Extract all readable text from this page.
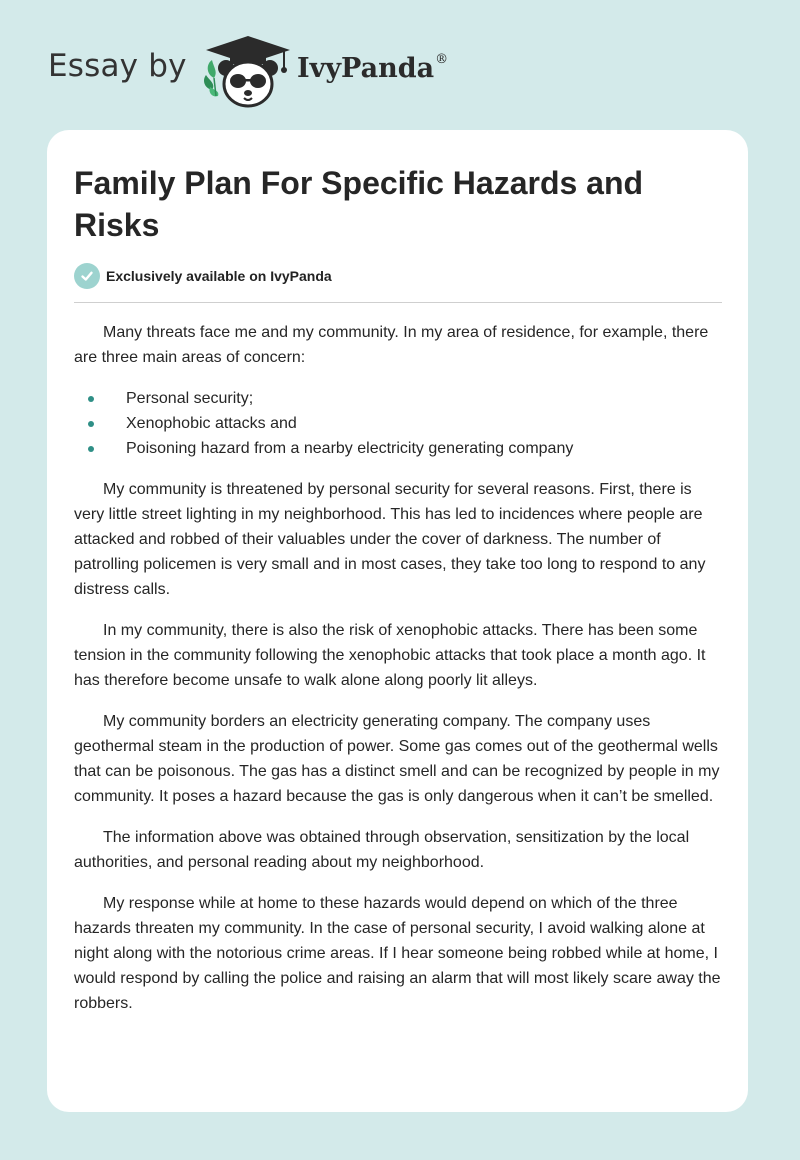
Essay by	IvyPanda®
Family Plan For Specific Hazards and Risks
Exclusively available on IvyPanda

Many threats face me and my community. In my area of residence, for example, there are three main areas of concern:

Personal security;
Xenophobic attacks and
Poisoning hazard from a nearby electricity generating company

My community is threatened by personal security for several reasons. First, there is very little street lighting in my neighborhood. This has led to incidences where people are attacked and robbed of their valuables under the cover of darkness. The number of patrolling policemen is very small and in most cases, they take too long to respond to any distress calls.

In my community, there is also the risk of xenophobic attacks. There has been some tension in the community following the xenophobic attacks that took place a month ago. It has therefore become unsafe to walk alone along poorly lit alleys.

My community borders an electricity generating company. The company uses geothermal steam in the production of power. Some gas comes out of the geothermal wells that can be poisonous. The gas has a distinct smell and can be recognized by people in my community. It poses a hazard because the gas is only dangerous when it can’t be smelled.

The information above was obtained through observation, sensitization by the local authorities, and personal reading about my neighborhood.

My response while at home to these hazards would depend on which of the three hazards threaten my community. In the case of personal security, I avoid walking alone at night along with the notorious crime areas. If I hear someone being robbed while at home, I would respond by calling the police and raising an alarm that will most likely scare away the robbers.
